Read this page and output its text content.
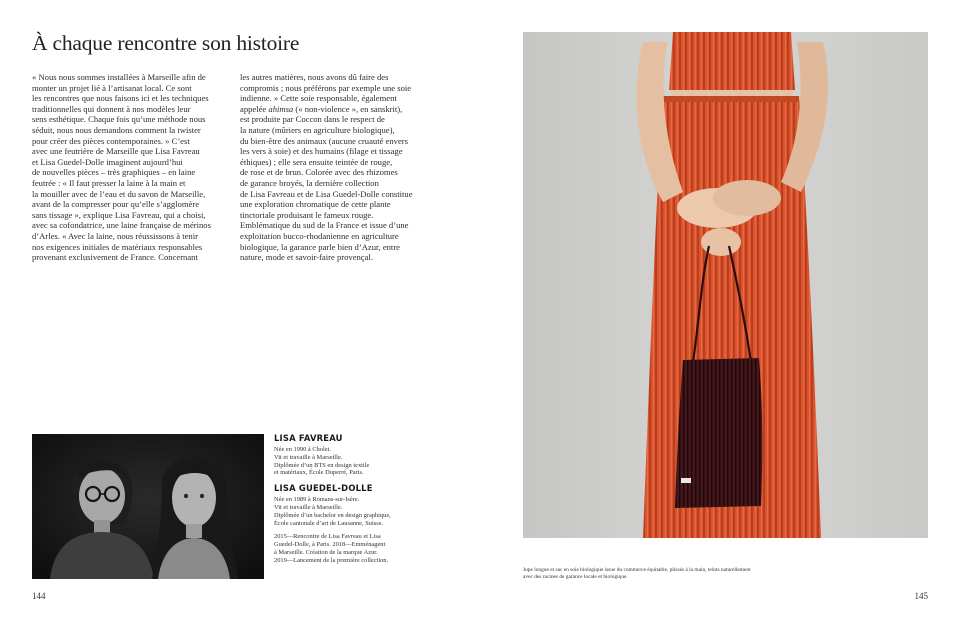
À chaque rencontre son histoire

« Nous nous sommes installées à Marseille afin de
monter un projet lié à l’artisanat local. Ce sont
les rencontres que nous faisons ici et les techniques
traditionnelles qui donnent à nos modèles leur
sens esthétique. Chaque fois qu’une méthode nous
séduit, nous nous demandons comment la twister
pour créer des pièces contemporaines. » C’est
avec une feutrière de Marseille que Lisa Favreau
et Lisa Guedel-Dolle imaginent aujourd’hui
de nouvelles pièces – très graphiques – en laine
feutrée : « Il faut presser la laine à la main et
la mouiller avec de l’eau et du savon de Marseille,
avant de la compresser pour qu’elle s’agglomère
sans tissage », explique Lisa Favreau, qui a choisi,
avec sa cofondatrice, une laine française de mérinos
d’Arles. « Avec la laine, nous réussissons à tenir
nos exigences initiales de matériaux responsables
provenant exclusivement de France. Concernant

les autres matières, nous avons dû faire des
compromis ; nous préférons par exemple une soie
indienne. » Cette soie responsable, également
appelée ahimsa (« non-violence », en sanskrit),
est produite par Coccon dans le respect de
la nature (mûriers en agriculture biologique),
du bien-être des animaux (aucune cruauté envers
les vers à soie) et des humains (filage et tissage
éthiques) ; elle sera ensuite teintée de rouge,
de rose et de brun. Colorée avec des rhizomes
de garance broyés, la dernière collection
de Lisa Favreau et de Lisa Guedel-Dolle constitue
une exploration chromatique de cette plante
tinctoriale produisant le fameux rouge.
Emblématique du sud de la France et issue d’une
exploitation bucco-rhodanienne en agriculture
biologique, la garance parle bien d’Azur, entre
nature, mode et savoir-faire provençal.

LISA FAVREAU
Née en 1990 à Cholet.
Vit et travaille à Marseille.
Diplômée d’un BTS en design textile
et matériaux, École Duperré, Paris.
LISA GUEDEL-DOLLE
Née en 1989 à Romans-sur-Isère.
Vit et travaille à Marseille.
Diplômée d’un bachelor en design graphique,
École cantonale d’art de Lausanne, Suisse.
2015—Rencontre de Lisa Favreau et Lisa
Guedel-Dolle, à Paris. 2018—Emménagent
à Marseille. Création de la marque Azur.
2019—Lancement de la première collection.
144
Jupe longue et sac en soie biologique issue du commerce équitable, plissés à la main, teints naturellement
avec des racines de garance locale et biologique.
145
